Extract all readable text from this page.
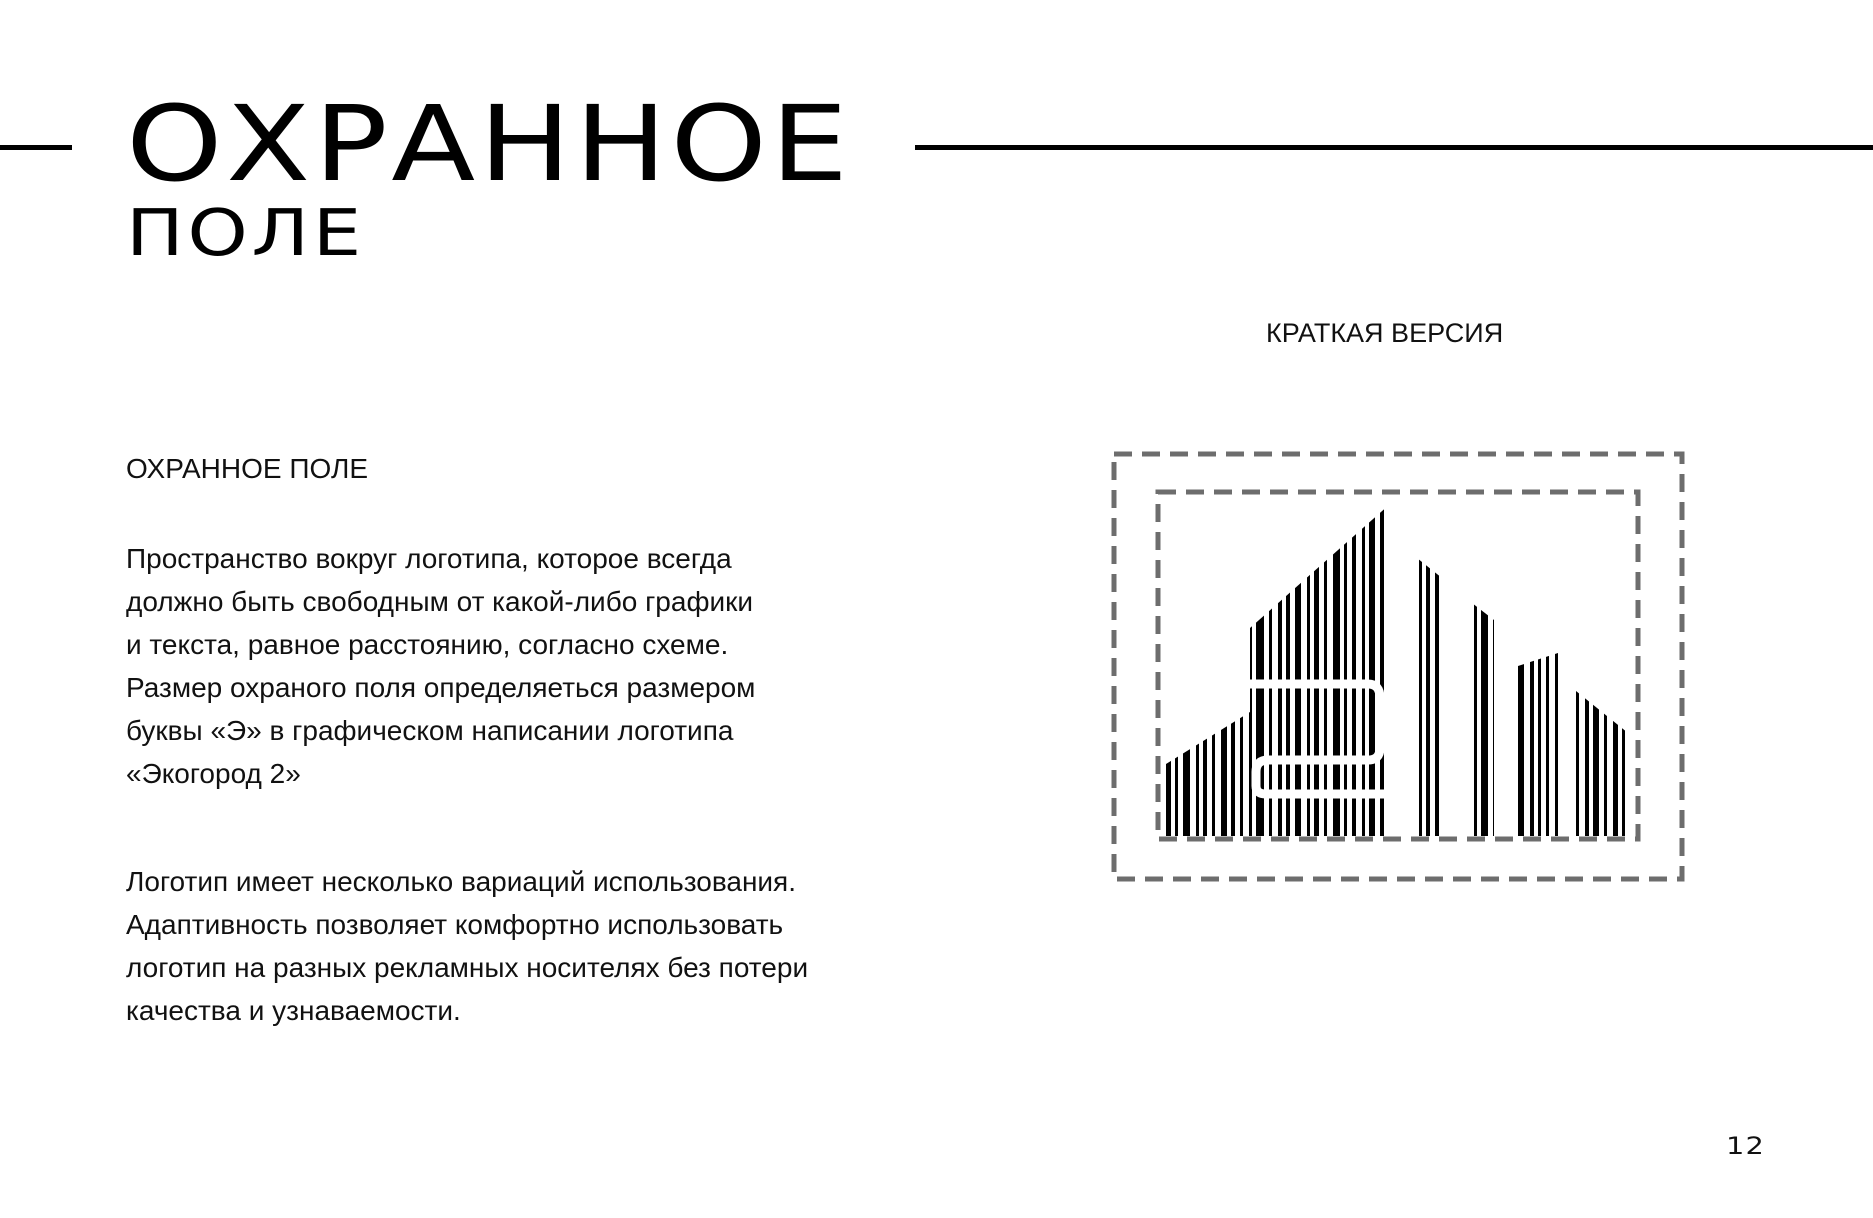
ОХРАННОЕ
ПОЛЕ
КРАТКАЯ ВЕРСИЯ
ОХРАННОЕ ПОЛЕ
Пространство вокруг логотипа, которое всегда
должно быть свободным от какой-либо графики
и текста, равное расстоянию, согласно схеме.
Размер охраного поля определяеться размером
буквы «Э» в графическом написании логотипа
«Экогород 2»
Логотип имеет несколько вариаций использования.
Адаптивность позволяет комфортно использовать
логотип на разных рекламных носителях без потери
качества и узнаваемости.
12
